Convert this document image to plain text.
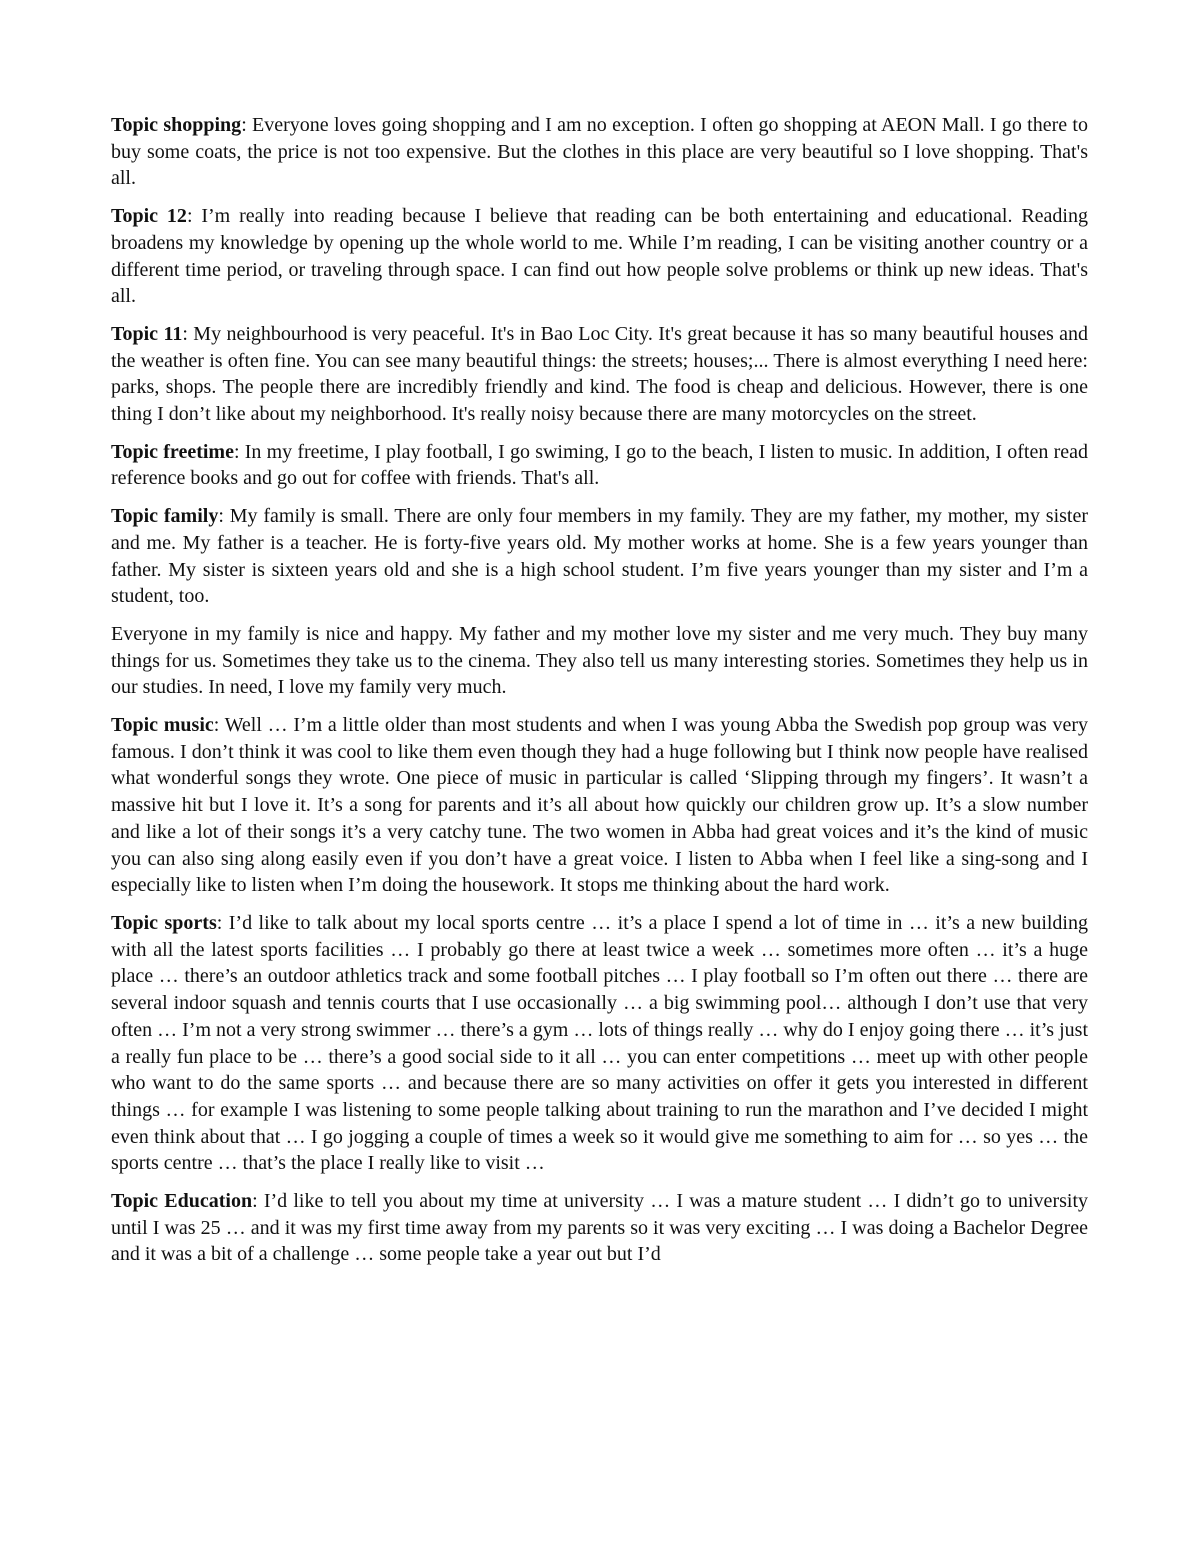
Topic shopping: Everyone loves going shopping and I am no exception. I often go shopping at AEON Mall. I go there to buy some coats, the price is not too expensive. But the clothes in this place are very beautiful so I love shopping. That's all.

Topic 12: I’m really into reading because I believe that reading can be both entertaining and educational. Reading broadens my knowledge by opening up the whole world to me. While I’m reading, I can be visiting another country or a different time period, or traveling through space. I can find out how people solve problems or think up new ideas. That's all.

Topic 11: My neighbourhood is very peaceful. It's in Bao Loc City. It's great because it has so many beautiful houses and the weather is often fine. You can see many beautiful things: the streets; houses;... There is almost everything I need here: parks, shops. The people there are incredibly friendly and kind. The food is cheap and delicious. However, there is one thing I don’t like about my neighborhood. It's really noisy because there are many motorcycles on the street.

Topic freetime: In my freetime, I play football, I go swiming, I go to the beach, I listen to music. In addition, I often read reference books and go out for coffee with friends. That's all.

Topic family: My family is small. There are only four members in my family. They are my father, my mother, my sister and me. My father is a teacher. He is forty-five years old. My mother works at home. She is a few years younger than father. My sister is sixteen years old and she is a high school student. I’m five years younger than my sister and I’m a student, too.

Everyone in my family is nice and happy. My father and my mother love my sister and me very much. They buy many things for us. Sometimes they take us to the cinema. They also tell us many interesting stories. Sometimes they help us in our studies. In need, I love my family very much.

Topic music: Well … I’m a little older than most students and when I was young Abba the Swedish pop group was very famous. I don’t think it was cool to like them even though they had a huge following but I think now people have realised what wonderful songs they wrote. One piece of music in particular is called ‘Slipping through my fingers’. It wasn’t a massive hit but I love it. It’s a song for parents and it’s all about how quickly our children grow up. It’s a slow number and like a lot of their songs it’s a very catchy tune. The two women in Abba had great voices and it’s the kind of music you can also sing along easily even if you don’t have a great voice. I listen to Abba when I feel like a sing-song and I especially like to listen when I’m doing the housework. It stops me thinking about the hard work.

Topic sports: I’d like to talk about my local sports centre … it’s a place I spend a lot of time in … it’s a new building with all the latest sports facilities … I probably go there at least twice a week … sometimes more often … it’s a huge place … there’s an outdoor athletics track and some football pitches … I play football so I’m often out there … there are several indoor squash and tennis courts that I use occasionally … a big swimming pool… although I don’t use that very often … I’m not a very strong swimmer … there’s a gym … lots of things really … why do I enjoy going there … it’s just a really fun place to be … there’s a good social side to it all … you can enter competitions … meet up with other people who want to do the same sports … and because there are so many activities on offer it gets you interested in different things … for example I was listening to some people talking about training to run the marathon and I’ve decided I might even think about that … I go jogging a couple of times a week so it would give me something to aim for … so yes … the sports centre … that’s the place I really like to visit …

Topic Education: I’d like to tell you about my time at university … I was a mature student … I didn’t go to university until I was 25 … and it was my first time away from my parents so it was very exciting … I was doing a Bachelor Degree and it was a bit of a challenge … some people take a year out but I’d
